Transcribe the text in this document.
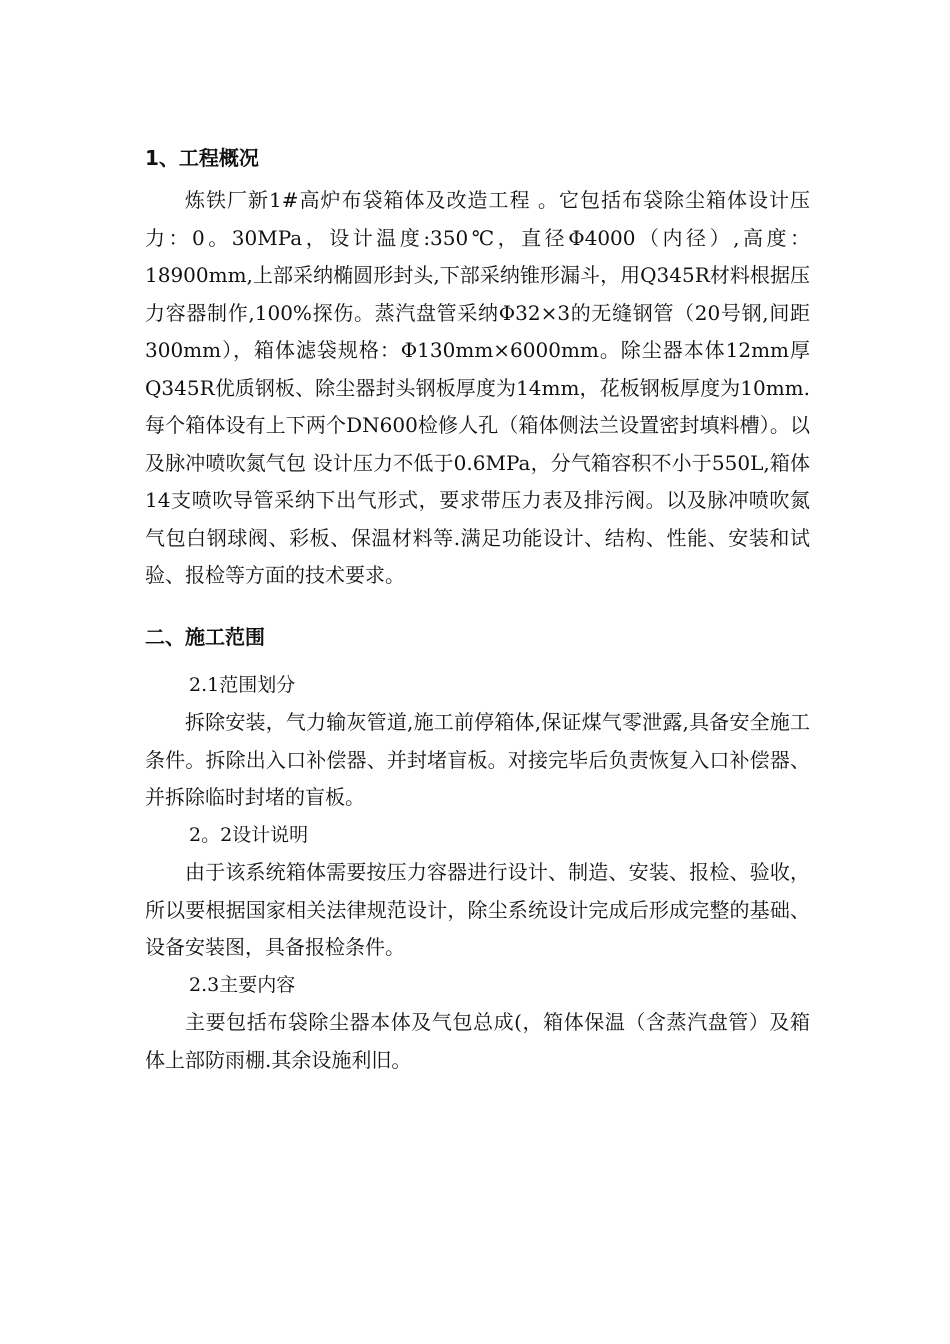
1、工程概况

炼铁厂新1#高炉布袋箱体及改造工程 。它包括布袋除尘箱体设计压力：0。30MPa，设计温度:350℃，直径Φ4000（内径）,高度：18900mm,上部采纳椭圆形封头,下部采纳锥形漏斗，用Q345R材料根据压力容器制作,100%探伤。蒸汽盘管采纳Φ32×3的无缝钢管（20号钢,间距300mm），箱体滤袋规格：Φ130mm×6000mm。除尘器本体12mm厚Q345R优质钢板、除尘器封头钢板厚度为14mm，花板钢板厚度为10mm.每个箱体设有上下两个DN600检修人孔（箱体侧法兰设置密封填料槽）。以及脉冲喷吹氮气包 设计压力不低于0.6MPa，分气箱容积不小于550L,箱体14支喷吹导管采纳下出气形式，要求带压力表及排污阀。以及脉冲喷吹氮气包白钢球阀、彩板、保温材料等.满足功能设计、结构、性能、安装和试验、报检等方面的技术要求。

二、施工范围

2.1范围划分

拆除安装，气力输灰管道,施工前停箱体,保证煤气零泄露,具备安全施工条件。拆除出入口补偿器、并封堵盲板。对接完毕后负责恢复入口补偿器、并拆除临时封堵的盲板。

2。2设计说明

由于该系统箱体需要按压力容器进行设计、制造、安装、报检、验收，所以要根据国家相关法律规范设计，除尘系统设计完成后形成完整的基础、设备安装图，具备报检条件。

2.3主要内容

主要包括布袋除尘器本体及气包总成(，箱体保温（含蒸汽盘管）及箱体上部防雨棚.其余设施利旧。
